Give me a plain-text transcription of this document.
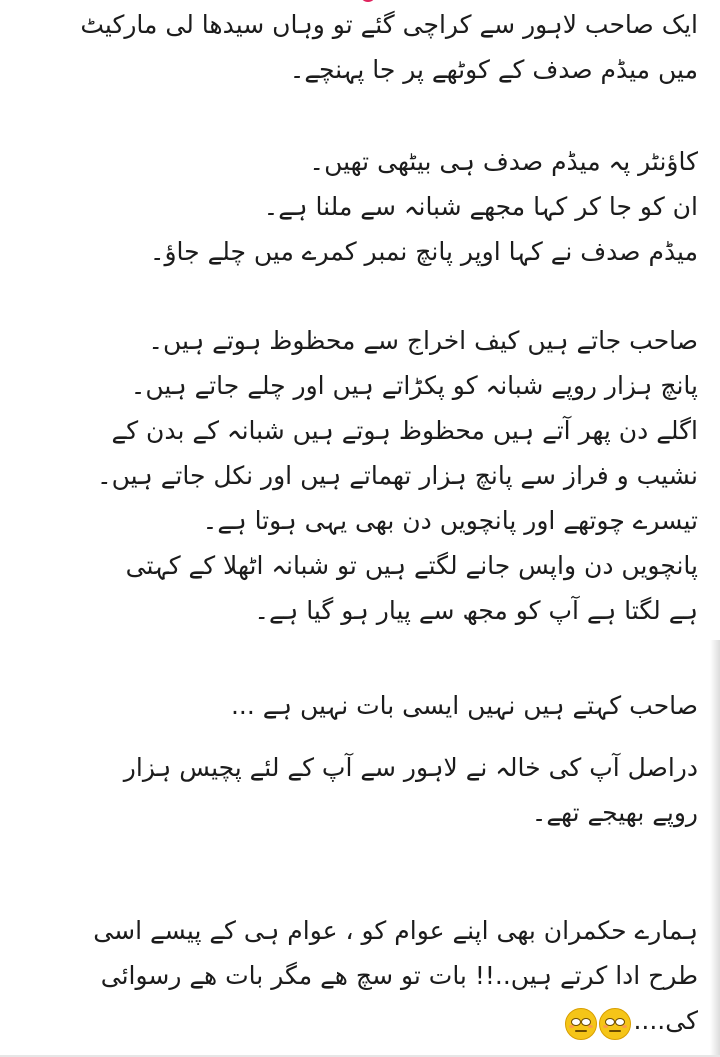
ایک صاحب لاہور سے کراچی گئے تو وہاں سیدھا لی مارکیٹ
میں میڈم صدف کے کوٹھے پر جا پہنچے۔
کاؤنٹر پہ میڈم صدف ہی بیٹھی تھیں۔
ان کو جا کر کہا مجھے شبانہ سے ملنا ہے۔
میڈم صدف نے کہا اوپر پانچ نمبر کمرے میں چلے جاؤ۔
صاحب جاتے ہیں کیف اخراج سے محظوظ ہوتے ہیں۔
پانچ ہزار روپے شبانہ کو پکڑاتے ہیں اور چلے جاتے ہیں۔
اگلے دن پھر آتے ہیں محظوظ ہوتے ہیں شبانہ کے بدن کے
نشیب و فراز سے پانچ ہزار تھماتے ہیں اور نکل جاتے ہیں۔
تیسرے چوتھے اور پانچویں دن بھی یہی ہوتا ہے۔
پانچویں دن واپس جانے لگتے ہیں تو شبانہ اٹھلا کے کہتی
ہے لگتا ہے آپ کو مجھ سے پیار ہو گیا ہے۔
صاحب کہتے ہیں نہیں ایسی بات نہیں ہے ...
دراصل آپ کی خالہ نے لاہور سے آپ کے لئے پچیس ہزار
روپے بھیجے تھے۔
ہمارے حکمران بھی اپنے عوام کو ، عوام ہی کے پیسے اسی
طرح ادا کرتے ہیں..!! بات تو سچ ھے مگر بات ھے رسوائی
کی....
